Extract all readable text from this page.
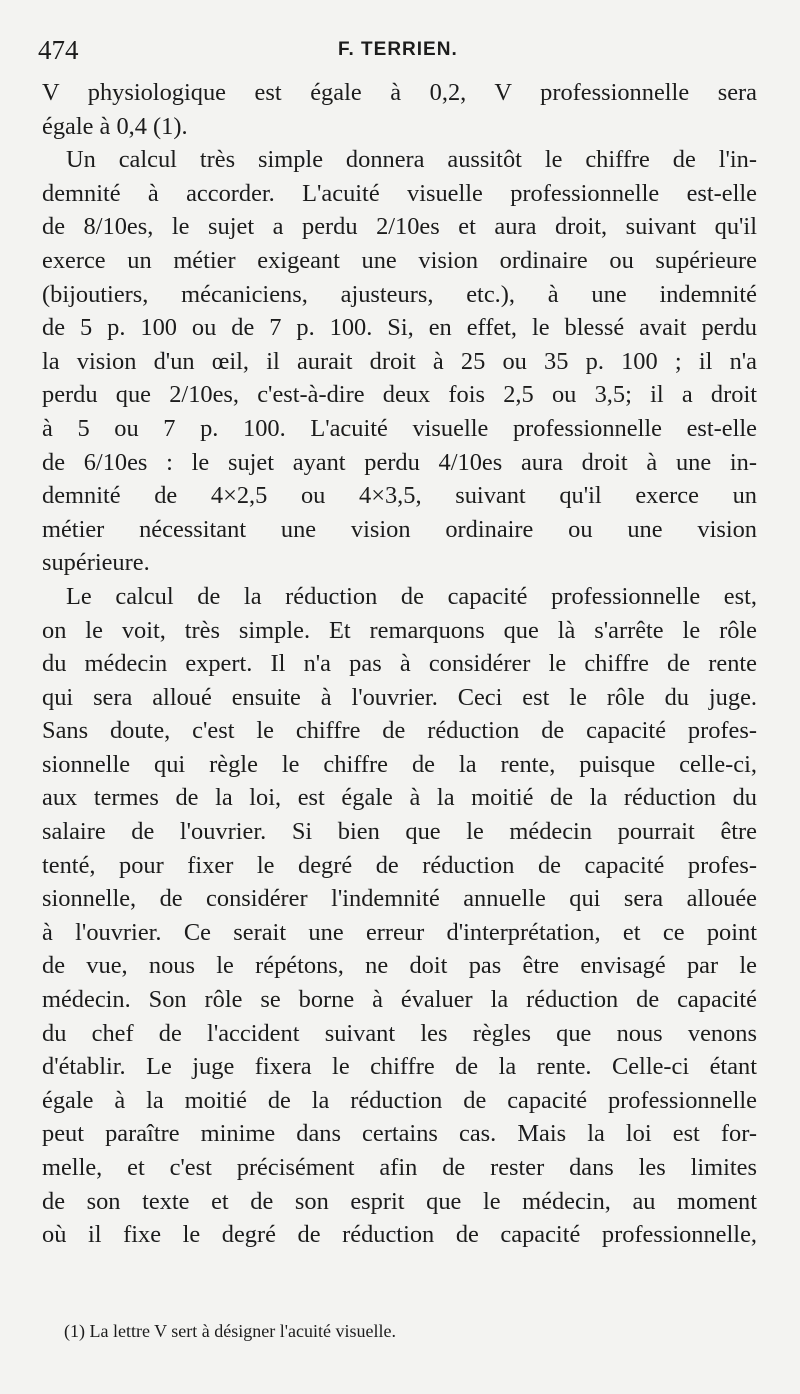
474	F. TERRIEN.
V physiologique est égale à 0,2, V professionnelle sera
égale à 0,4 (1).
Un calcul très simple donnera aussitôt le chiffre de l'in-
demnité à accorder. L'acuité visuelle professionnelle est-elle
de 8/10es, le sujet a perdu 2/10es et aura droit, suivant qu'il
exerce un métier exigeant une vision ordinaire ou supérieure
(bijoutiers, mécaniciens, ajusteurs, etc.), à une indemnité
de 5 p. 100 ou de 7 p. 100. Si, en effet, le blessé avait perdu
la vision d'un œil, il aurait droit à 25 ou 35 p. 100 ; il n'a
perdu que 2/10es, c'est-à-dire deux fois 2,5 ou 3,5; il a droit
à 5 ou 7 p. 100. L'acuité visuelle professionnelle est-elle
de 6/10es : le sujet ayant perdu 4/10es aura droit à une in-
demnité de 4×2,5 ou 4×3,5, suivant qu'il exerce un
métier nécessitant une vision ordinaire ou une vision
supérieure.
Le calcul de la réduction de capacité professionnelle est,
on le voit, très simple. Et remarquons que là s'arrête le rôle
du médecin expert. Il n'a pas à considérer le chiffre de rente
qui sera alloué ensuite à l'ouvrier. Ceci est le rôle du juge.
Sans doute, c'est le chiffre de réduction de capacité profes-
sionnelle qui règle le chiffre de la rente, puisque celle-ci,
aux termes de la loi, est égale à la moitié de la réduction du
salaire de l'ouvrier. Si bien que le médecin pourrait être
tenté, pour fixer le degré de réduction de capacité profes-
sionnelle, de considérer l'indemnité annuelle qui sera allouée
à l'ouvrier. Ce serait une erreur d'interprétation, et ce point
de vue, nous le répétons, ne doit pas être envisagé par le
médecin. Son rôle se borne à évaluer la réduction de capacité
du chef de l'accident suivant les règles que nous venons
d'établir. Le juge fixera le chiffre de la rente. Celle-ci étant
égale à la moitié de la réduction de capacité professionnelle
peut paraître minime dans certains cas. Mais la loi est for-
melle, et c'est précisément afin de rester dans les limites
de son texte et de son esprit que le médecin, au moment
où il fixe le degré de réduction de capacité professionnelle,
(1) La lettre V sert à désigner l'acuité visuelle.
